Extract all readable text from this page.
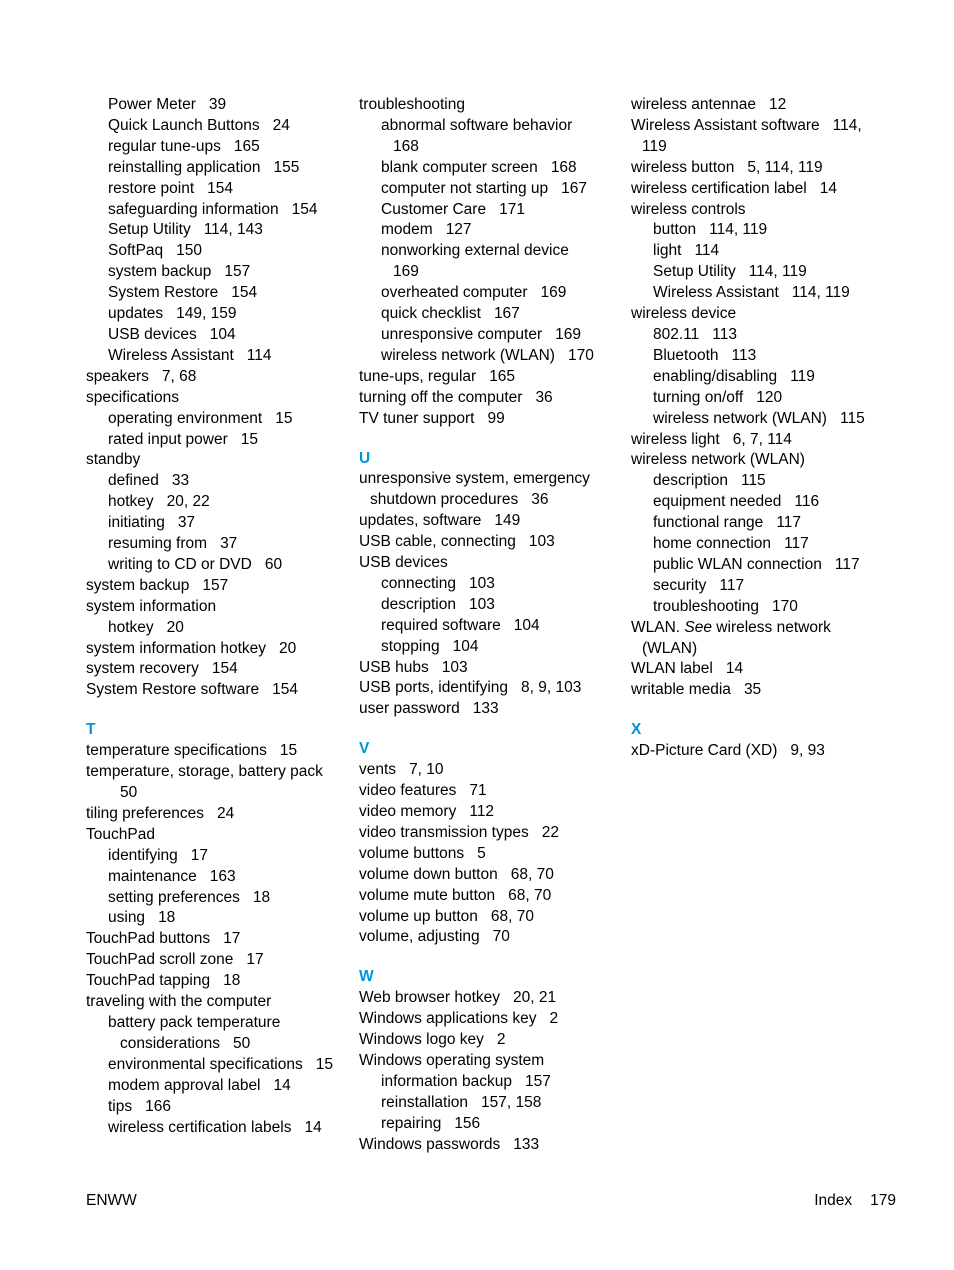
Power Meter 39
Quick Launch Buttons 24
regular tune-ups 165
reinstalling application 155
restore point 154
safeguarding information 154
Setup Utility 114, 143
SoftPaq 150
system backup 157
System Restore 154
updates 149, 159
USB devices 104
Wireless Assistant 114
speakers 7, 68
specifications
operating environment 15
rated input power 15
standby
defined 33
hotkey 20, 22
initiating 37
resuming from 37
writing to CD or DVD 60
system backup 157
system information
hotkey 20
system information hotkey 20
system recovery 154
System Restore software 154
T
temperature specifications 15
temperature, storage, battery pack
50
tiling preferences 24
TouchPad
identifying 17
maintenance 163
setting preferences 18
using 18
TouchPad buttons 17
TouchPad scroll zone 17
TouchPad tapping 18
traveling with the computer
battery pack temperature
considerations 50
environmental specifications 15
modem approval label 14
tips 166
wireless certification labels 14
troubleshooting
abnormal software behavior
168
blank computer screen 168
computer not starting up 167
Customer Care 171
modem 127
nonworking external device
169
overheated computer 169
quick checklist 167
unresponsive computer 169
wireless network (WLAN) 170
tune-ups, regular 165
turning off the computer 36
TV tuner support 99
U
unresponsive system, emergency
shutdown procedures 36
updates, software 149
USB cable, connecting 103
USB devices
connecting 103
description 103
required software 104
stopping 104
USB hubs 103
USB ports, identifying 8, 9, 103
user password 133
V
vents 7, 10
video features 71
video memory 112
video transmission types 22
volume buttons 5
volume down button 68, 70
volume mute button 68, 70
volume up button 68, 70
volume, adjusting 70
W
Web browser hotkey 20, 21
Windows applications key 2
Windows logo key 2
Windows operating system
information backup 157
reinstallation 157, 158
repairing 156
Windows passwords 133
wireless antennae 12
Wireless Assistant software 114,
119
wireless button 5, 114, 119
wireless certification label 14
wireless controls
button 114, 119
light 114
Setup Utility 114, 119
Wireless Assistant 114, 119
wireless device
802.11 113
Bluetooth 113
enabling/disabling 119
turning on/off 120
wireless network (WLAN) 115
wireless light 6, 7, 114
wireless network (WLAN)
description 115
equipment needed 116
functional range 117
home connection 117
public WLAN connection 117
security 117
troubleshooting 170
WLAN. See wireless network
(WLAN)
WLAN label 14
writable media 35
X
xD-Picture Card (XD) 9, 93
ENWW	Index 179
